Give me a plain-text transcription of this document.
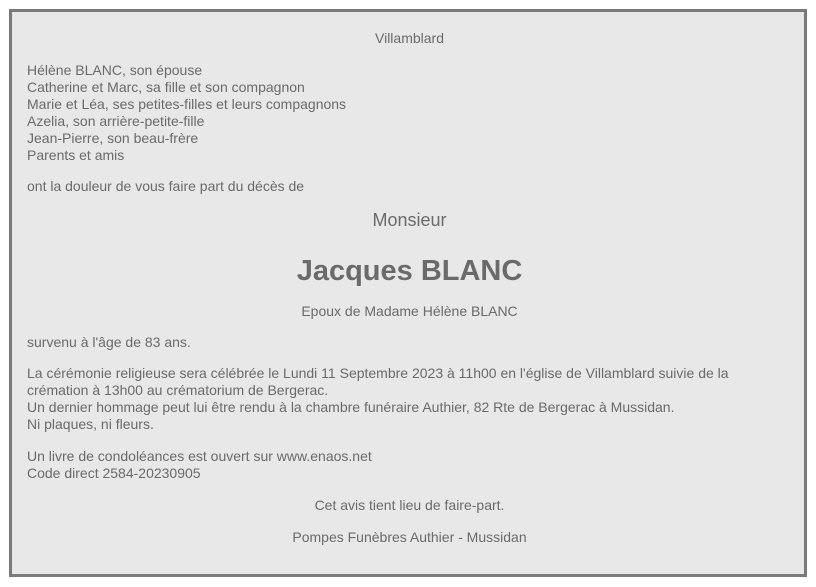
Villamblard
Hélène BLANC, son épouse
Catherine et Marc, sa fille et son compagnon
Marie et Léa, ses petites-filles et leurs compagnons
Azelia, son arrière-petite-fille
Jean-Pierre, son beau-frère
Parents et amis
ont la douleur de vous faire part du décès de
Monsieur
Jacques BLANC
Epoux de Madame Hélène BLANC
survenu à l'âge de 83 ans.
La cérémonie religieuse sera célébrée le Lundi 11 Septembre 2023 à 11h00 en l'église de Villamblard suivie de la crémation à 13h00 au crématorium de Bergerac.
Un dernier hommage peut lui être rendu à la chambre funéraire Authier, 82 Rte de Bergerac à Mussidan.
Ni plaques, ni fleurs.
Un livre de condoléances est ouvert sur www.enaos.net
Code direct 2584-20230905
Cet avis tient lieu de faire-part.
Pompes Funèbres Authier - Mussidan
